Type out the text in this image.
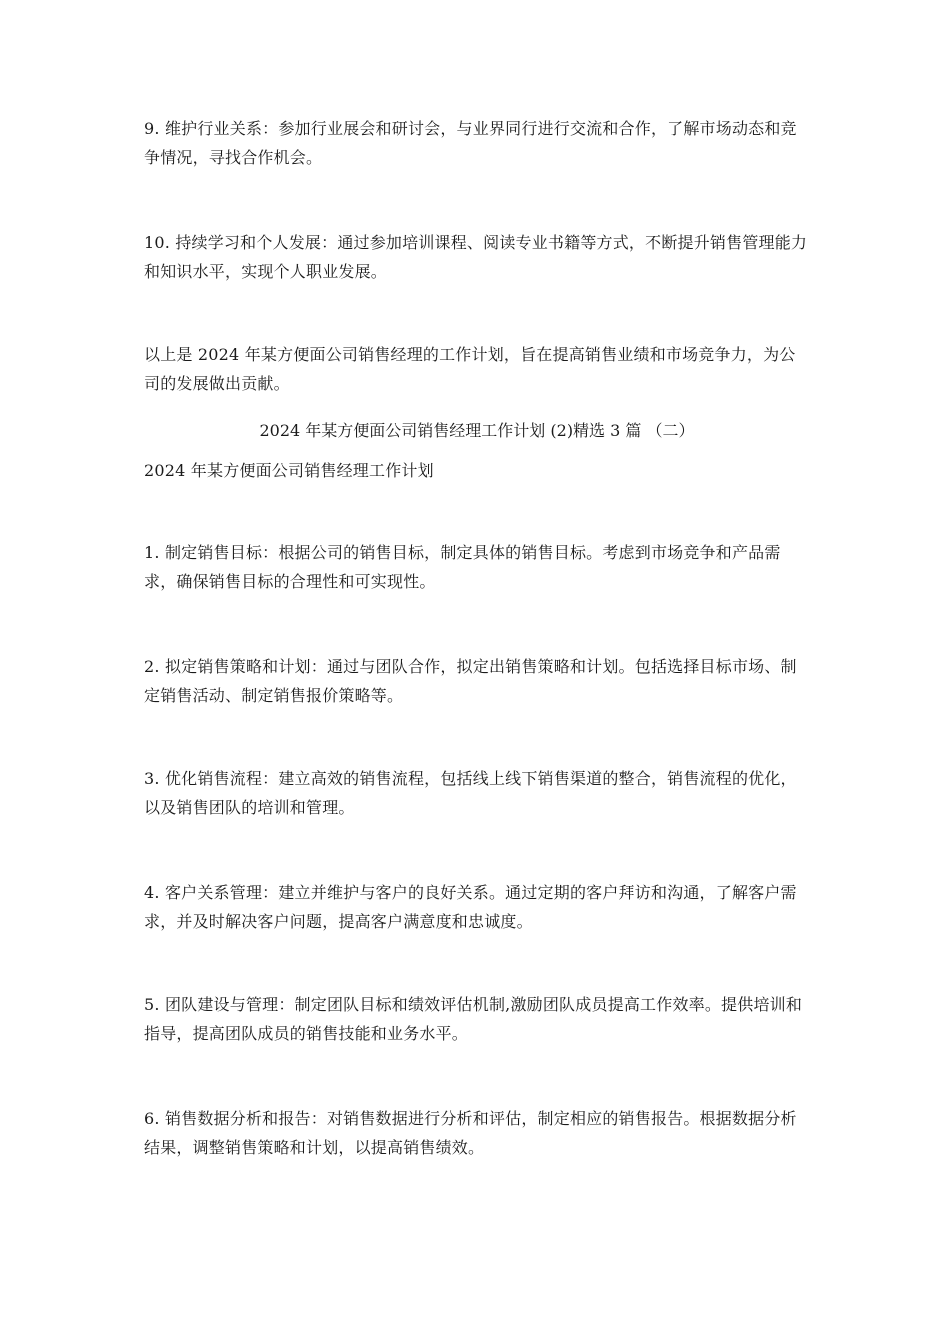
9. 维护行业关系：参加行业展会和研讨会，与业界同行进行交流和合作，了解市场动态和竞争情况，寻找合作机会。

10. 持续学习和个人发展：通过参加培训课程、阅读专业书籍等方式，不断提升销售管理能力和知识水平，实现个人职业发展。

以上是 2024 年某方便面公司销售经理的工作计划，旨在提高销售业绩和市场竞争力，为公司的发展做出贡献。

2024 年某方便面公司销售经理工作计划 (2)精选 3 篇 （二）

2024 年某方便面公司销售经理工作计划

1. 制定销售目标：根据公司的销售目标，制定具体的销售目标。考虑到市场竞争和产品需求，确保销售目标的合理性和可实现性。

2. 拟定销售策略和计划：通过与团队合作，拟定出销售策略和计划。包括选择目标市场、制定销售活动、制定销售报价策略等。

3. 优化销售流程：建立高效的销售流程，包括线上线下销售渠道的整合，销售流程的优化，以及销售团队的培训和管理。

4. 客户关系管理：建立并维护与客户的良好关系。通过定期的客户拜访和沟通，了解客户需求，并及时解决客户问题，提高客户满意度和忠诚度。

5. 团队建设与管理：制定团队目标和绩效评估机制,激励团队成员提高工作效率。提供培训和指导，提高团队成员的销售技能和业务水平。

6. 销售数据分析和报告：对销售数据进行分析和评估，制定相应的销售报告。根据数据分析结果，调整销售策略和计划，以提高销售绩效。
